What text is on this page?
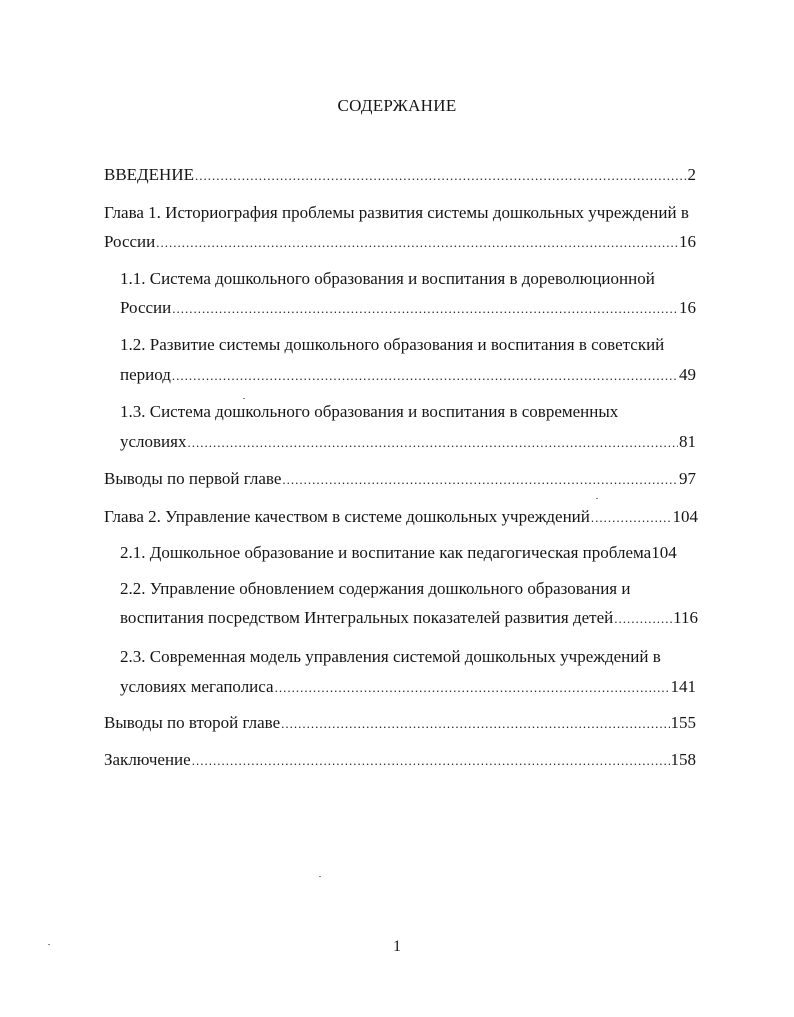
СОДЕРЖАНИЕ
ВВЕДЕНИЕ .....	2
Глава 1. Историография проблемы развития системы дошкольных учреждений в
России .....	16
1.1. Система дошкольного образования и воспитания в дореволюционной
России .....	16
1.2. Развитие системы дошкольного образования и воспитания в советский
период .....	49
1.3. Система дошкольного образования и воспитания в современных
условиях .....	81
Выводы по первой главе .....	97
Глава 2. Управление качеством в системе дошкольных учреждений .....	104
2.1. Дошкольное образование и воспитание как педагогическая проблема 104
2.2. Управление обновлением содержания дошкольного образования и
воспитания посредством Интегральных показателей развития детей .....	116
2.3. Современная модель управления системой дошкольных учреждений в
условиях мегаполиса .....	141
Выводы по второй главе .....	155
Заключение .....	158
1
